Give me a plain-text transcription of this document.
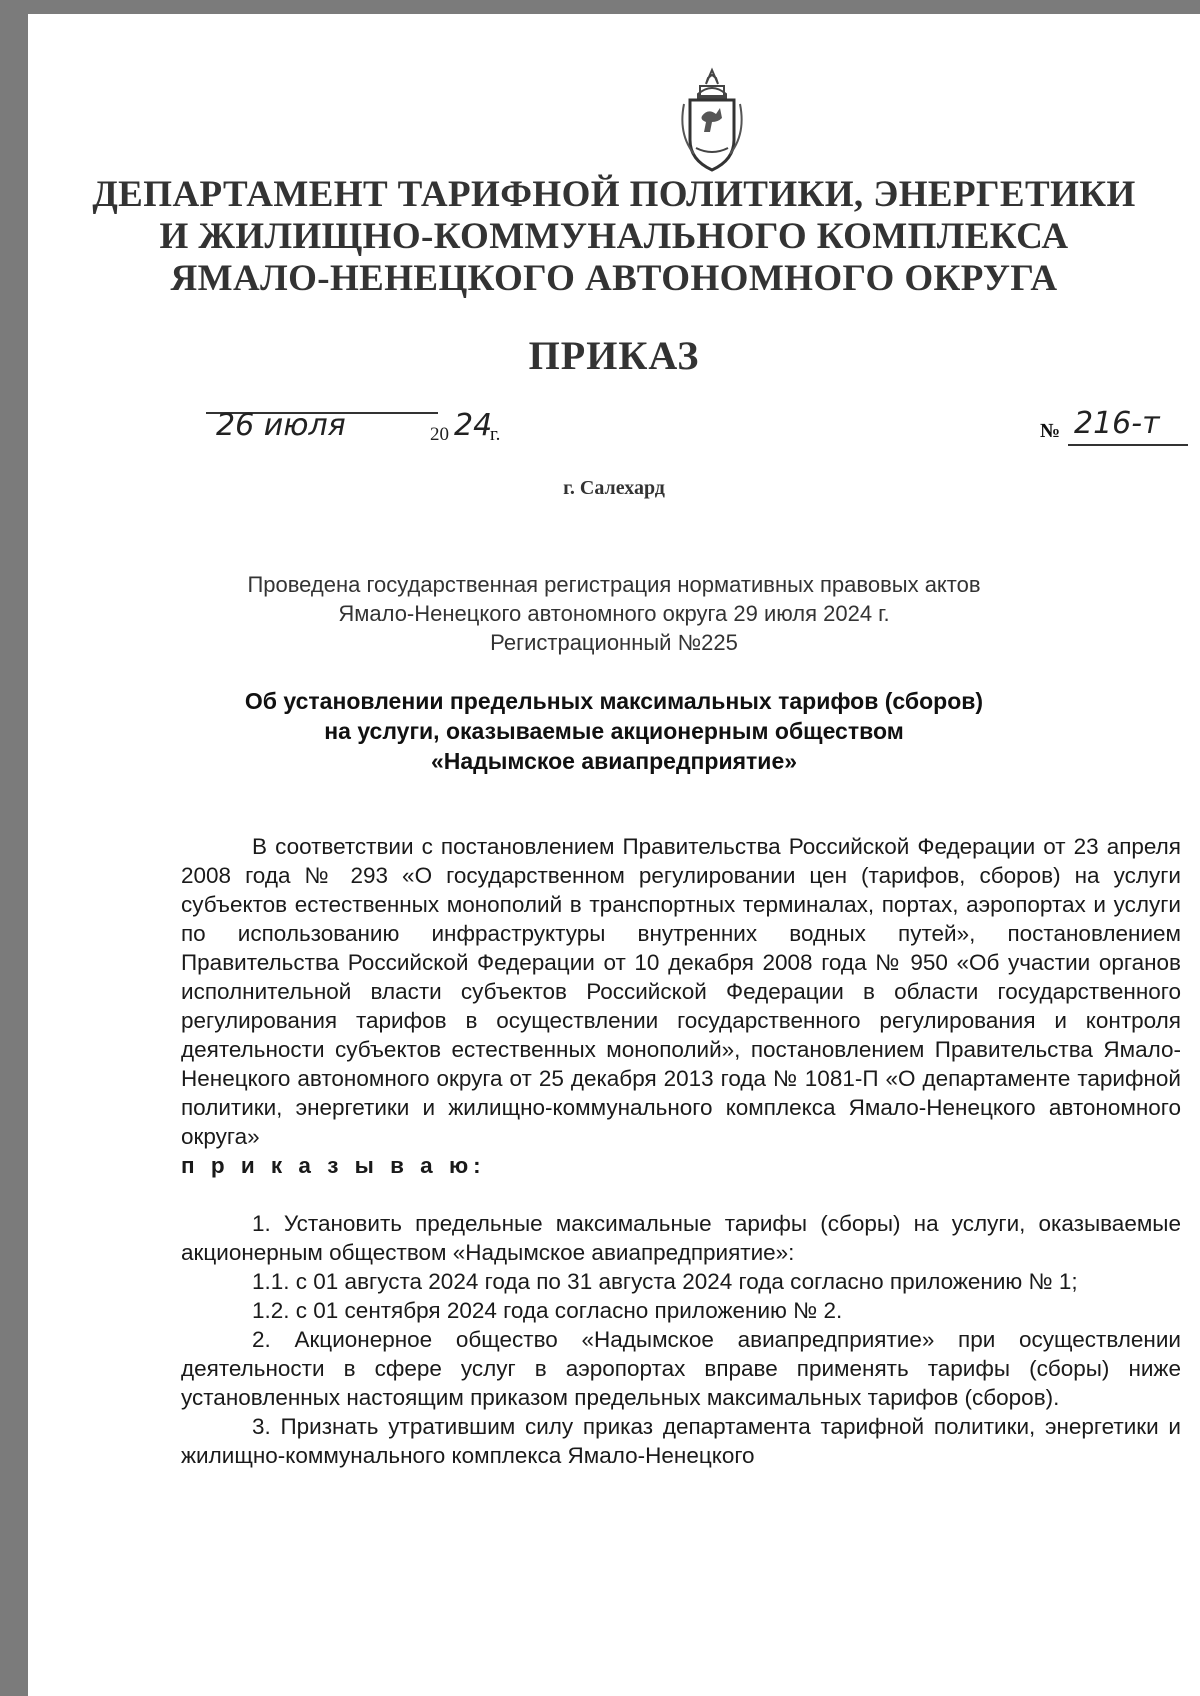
ДЕПАРТАМЕНТ ТАРИФНОЙ ПОЛИТИКИ, ЭНЕРГЕТИКИ
И ЖИЛИЩНО-КОММУНАЛЬНОГО КОМПЛЕКСА
ЯМАЛО-НЕНЕЦКОГО АВТОНОМНОГО ОКРУГА
ПРИКАЗ
26 июля	20 24
г.	№ 216-т
г. Салехард
Проведена государственная регистрация нормативных правовых актов
Ямало-Ненецкого автономного округа 29 июля 2024 г.
Регистрационный №225
Об установлении предельных максимальных тарифов (сборов)
на услуги, оказываемые акционерным обществом
«Надымское авиапредприятие»

В соответствии с постановлением Правительства Российской Федерации от 23 апреля 2008 года № 293 «О государственном регулировании цен (тарифов, сборов) на услуги субъектов естественных монополий в транспортных терминалах, портах, аэропортах и услуги по использованию инфраструктуры внутренних водных путей», постановлением Правительства Российской Федерации от 10 декабря 2008 года № 950 «Об участии органов исполнительной власти субъектов Российской Федерации в области государственного регулирования тарифов в осуществлении государственного регулирования и контроля деятельности субъектов естественных монополий», постановлением Правительства Ямало-Ненецкого автономного округа от 25 декабря 2013 года № 1081-П «О департаменте тарифной политики, энергетики и жилищно-коммунального комплекса Ямало-Ненецкого автономного округа»
п р и к а з ы в а ю:

1. Установить предельные максимальные тарифы (сборы) на услуги, оказываемые акционерным обществом «Надымское авиапредприятие»:

1.1. с 01 августа 2024 года по 31 августа 2024 года согласно приложению № 1;

1.2. с 01 сентября 2024 года согласно приложению № 2.

2. Акционерное общество «Надымское авиапредприятие» при осуществлении деятельности в сфере услуг в аэропортах вправе применять тарифы (сборы) ниже установленных настоящим приказом предельных максимальных тарифов (сборов).

3. Признать утратившим силу приказ департамента тарифной политики, энергетики и жилищно-коммунального комплекса Ямало-Ненецкого
